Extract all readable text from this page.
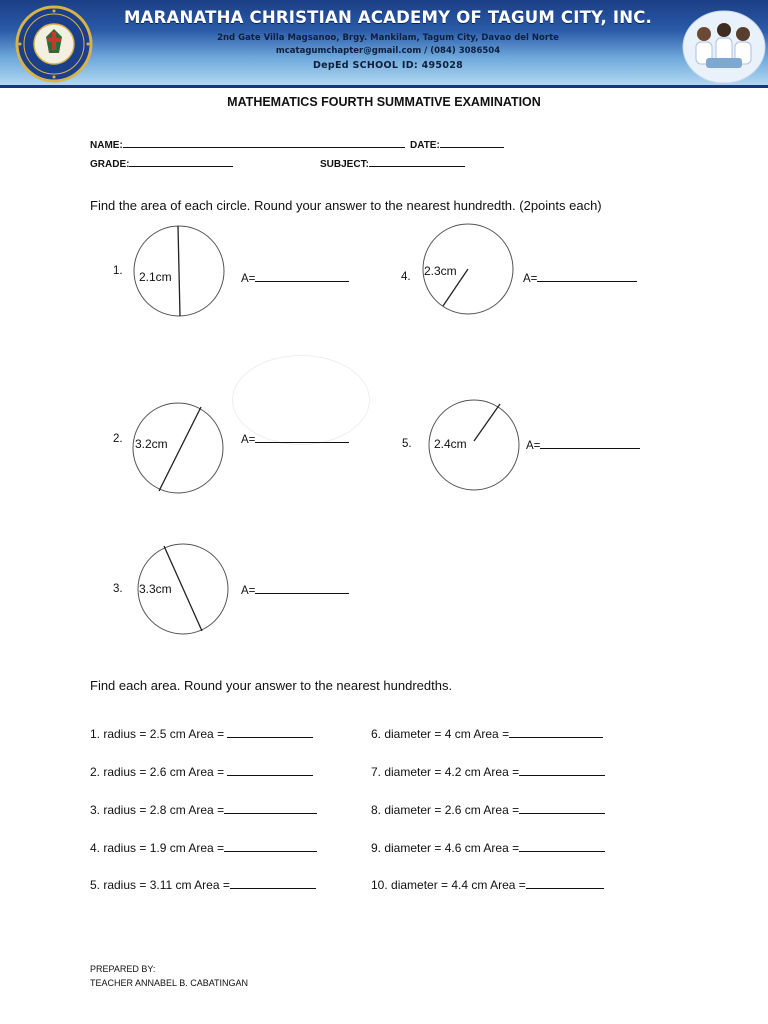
MARANATHA CHRISTIAN ACADEMY OF TAGUM CITY, INC.
2nd Gate Villa Magsanoo, Brgy. Mankilam, Tagum City, Davao del Norte
mcatagumchapter@gmail.com / (084) 3086504
DepEd SCHOOL ID: 495028
MATHEMATICS FOURTH SUMMATIVE EXAMINATION
NAME:	DATE:
GRADE:	SUBJECT:
Find the area of each circle. Round your answer to the nearest hundredth. (2points each)
1. 2.1cm	A=	4. 2.3cm
A=
2. 3.2cm	A=	5. 2.4cm	A=
3. 3.3cm	A=
Find each area. Round your answer to the nearest hundredths.
1. radius = 2.5 cm Area =
2. radius = 2.6 cm Area =
3. radius = 2.8 cm Area =
4. radius = 1.9 cm Area =
5. radius = 3.11 cm Area =
6. diameter = 4 cm Area =
7. diameter = 4.2 cm Area =
8. diameter = 2.6 cm Area =
9. diameter = 4.6 cm Area =
10. diameter = 4.4 cm Area =
PREPARED BY:
TEACHER ANNABEL B. CABATINGAN
